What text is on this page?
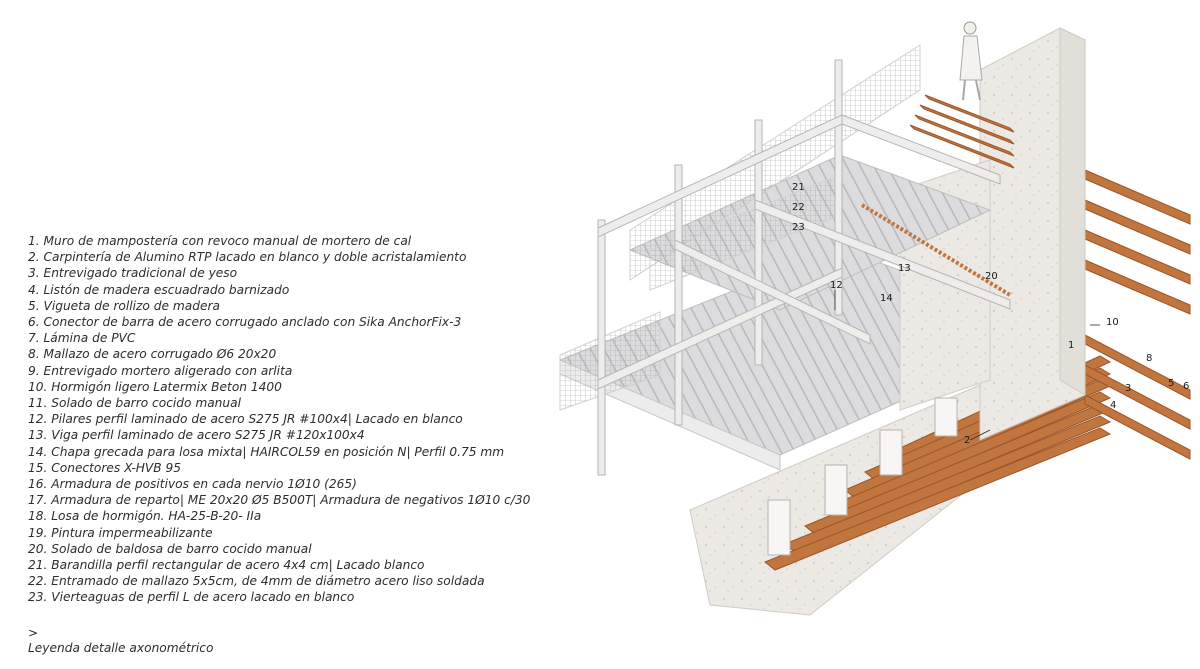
1. Muro de mampostería con revoco manual de mortero de cal
2. Carpintería de Alumino RTP lacado en blanco y doble acristalamiento
3. Entrevigado tradicional de yeso
4. Listón de madera escuadrado barnizado
5. Vigueta de rollizo de madera
6. Conector de barra de acero corrugado anclado con Sika AnchorFix-3
7. Lámina de PVC
8. Mallazo de acero corrugado Ø6 20x20
9. Entrevigado mortero aligerado con arlita
10. Hormigón ligero Latermix Beton 1400
11. Solado de barro cocido manual
12. Pilares perfil laminado de acero S275 JR #100x4| Lacado en blanco
13. Viga perfil laminado de acero S275 JR #120x100x4
14. Chapa grecada para losa mixta| HAIRCOL59 en posición N| Perfil 0.75 mm
15. Conectores X-HVB 95
16. Armadura de positivos en cada nervio 1Ø10 (265)
17. Armadura de reparto| ME 20x20 Ø5 B500T| Armadura de negativos 1Ø10 c/30
18. Losa de hormigón. HA-25-B-20- IIa
19. Pintura impermeabilizante
20. Solado de baldosa de barro cocido manual
21. Barandilla perfil rectangular de acero 4x4 cm| Lacado blanco
22. Entramado de mallazo 5x5cm, de 4mm de diámetro acero liso soldada
23. Vierteaguas de perfil L de acero lacado en blanco
>
Leyenda detalle axonométrico
1
2
3
4
5 6
8
10
12
13
14
20
21
22
23
